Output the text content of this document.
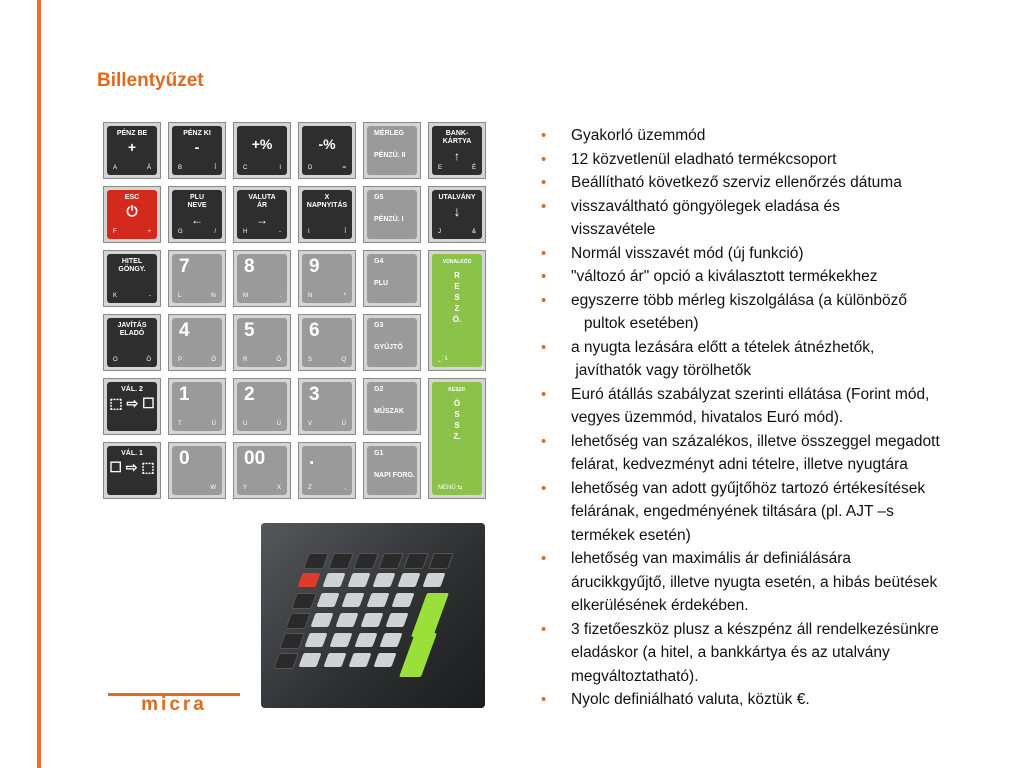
Billentyűzet
PÉNZ BE
+
A	Á
PÉNZ KI
-
B	Í
+%
C	I
-%
D	=
MÉRLEG
PÉNZÜ. II
BANK-
KÁRTYA
↑
E	É
ESC
⏻
F	+
PLU
NEVE
←
G	/
VALUTA
ÁR
→
H	-
X
NAPNYITÁS
I	Í
G5
PÉNZÜ. I
UTALVÁNY
↓
J	&
HITEL
GÖNGY.
K	-
7
L	%
8
M	:
9
N	*
G4
PLU
VONALKÓD
R
E
S
Z
Ö.
⎵ ⁝ Ł
JAVÍTÁS
ELADÓ
O	Ó
4
P	Ö
5
R	Ő
6
S	Q
G3
GYŰJTŐ
VÁL. 2
⬚ ⇨ ☐ 1
T	Ü
2
U	Ú
3
V	Ü
G2
MŰSZAK
KESZP.
Ö
S
S
Z.
MENÜ ⇆
VÁL. 1
☐ ⇨ ⬚ 0
W
00
Y	X
.
Z	,
G1
NAPI FORG.
micra
• Gyakorló üzemmód
• 12 közvetlenül eladható termékcsoport
• Beállítható következő szerviz ellenőrzés dátuma
• visszaváltható göngyölegek eladása és
visszavétele
• Normál visszavét mód (új funkció)
• "változó ár" opció a kiválasztott termékekhez
• egyszerre több mérleg kiszolgálása (a különböző
pultok esetében)
• a nyugta lezására előtt a tételek átnézhetők,
javíthatók vagy törölhetők
• Euró átállás szabályzat szerinti ellátása (Forint mód,
vegyes üzemmód, hivatalos Euró mód).
• lehetőség van százalékos, illetve összeggel megadott
felárat, kedvezményt adni tételre, illetve nyugtára
• lehetőség van adott gyűjtőhöz tartozó értékesítések
felárának, engedményének tiltására (pl. AJT –s
termékek esetén)
• lehetőség van maximális ár definiálására
árucikkgyűjtő, illetve nyugta esetén, a hibás beütések
elkerülésének érdekében.
• 3 fizetőeszköz plusz a készpénz áll rendelkezésünkre
eladáskor (a hitel, a bankkártya és az utalvány
megváltoztatható).
• Nyolc definiálható valuta, köztük €.
